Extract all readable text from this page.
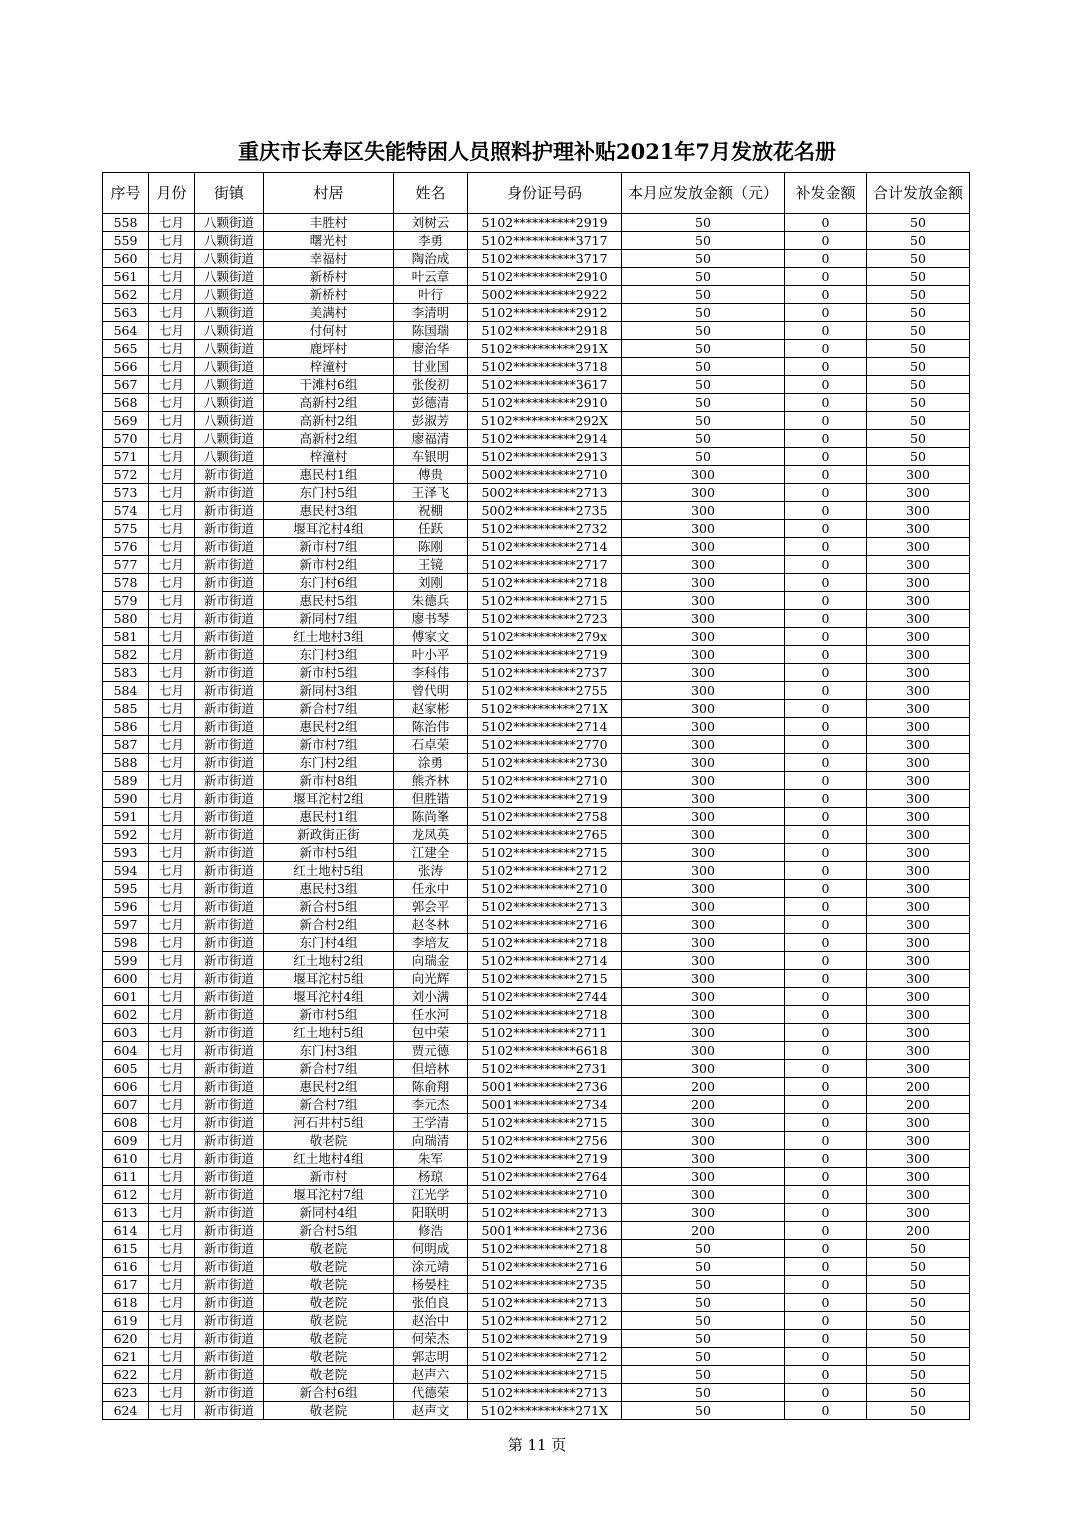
重庆市长寿区失能特困人员照料护理补贴2021年7月发放花名册
序号	月份	街镇	村居	姓名	身份证号码	本月应发放金额（元）	补发金额	合计发放金额
558	七月	八颗街道	丰胜村	刘树云	5102**********2919	50	0	50
559	七月	八颗街道	曙光村	李勇	5102**********3717	50	0	50
560	七月	八颗街道	幸福村	陶治成	5102**********3717	50	0	50
561	七月	八颗街道	新桥村	叶云章	5102**********2910	50	0	50
562	七月	八颗街道	新桥村	叶行	5002**********2922	50	0	50
563	七月	八颗街道	美满村	李清明	5102**********2912	50	0	50
564	七月	八颗街道	付何村	陈国瑞	5102**********2918	50	0	50
565	七月	八颗街道	鹿坪村	廖治华	5102**********291X	50	0	50
566	七月	八颗街道	梓潼村	甘业国	5102**********3718	50	0	50
567	七月	八颗街道	干滩村6组	张俊初	5102**********3617	50	0	50
568	七月	八颗街道	高新村2组	彭德清	5102**********2910	50	0	50
569	七月	八颗街道	高新村2组	彭淑芳	5102**********292X	50	0	50
570	七月	八颗街道	高新村2组	廖福清	5102**********2914	50	0	50
571	七月	八颗街道	梓潼村	车银明	5102**********2913	50	0	50
572	七月	新市街道	惠民村1组	傅贵	5002**********2710	300	0	300
573	七月	新市街道	东门村5组	王泽飞	5002**********2713	300	0	300
574	七月	新市街道	惠民村3组	祝棚	5002**********2735	300	0	300
575	七月	新市街道	堰耳沱村4组	任跃	5102**********2732	300	0	300
576	七月	新市街道	新市村7组	陈刚	5102**********2714	300	0	300
577	七月	新市街道	新市村2组	王镜	5102**********2717	300	0	300
578	七月	新市街道	东门村6组	刘刚	5102**********2718	300	0	300
579	七月	新市街道	惠民村5组	朱德兵	5102**********2715	300	0	300
580	七月	新市街道	新同村7组	廖书琴	5102**********2723	300	0	300
581	七月	新市街道	红土地村3组	傅家文	5102**********279x	300	0	300
582	七月	新市街道	东门村3组	叶小平	5102**********2719	300	0	300
583	七月	新市街道	新市村5组	李科伟	5102**********2737	300	0	300
584	七月	新市街道	新同村3组	曾代明	5102**********2755	300	0	300
585	七月	新市街道	新合村7组	赵家彬	5102**********271X	300	0	300
586	七月	新市街道	惠民村2组	陈治伟	5102**********2714	300	0	300
587	七月	新市街道	新市村7组	石卓荣	5102**********2770	300	0	300
588	七月	新市街道	东门村2组	涂勇	5102**********2730	300	0	300
589	七月	新市街道	新市村8组	熊齐林	5102**********2710	300	0	300
590	七月	新市街道	堰耳沱村2组	但胜锴	5102**********2719	300	0	300
591	七月	新市街道	惠民村1组	陈尚峯	5102**********2758	300	0	300
592	七月	新市街道	新政街正街	龙凤英	5102**********2765	300	0	300
593	七月	新市街道	新市村5组	江建全	5102**********2715	300	0	300
594	七月	新市街道	红土地村5组	张涛	5102**********2712	300	0	300
595	七月	新市街道	惠民村3组	任永中	5102**********2710	300	0	300
596	七月	新市街道	新合村5组	郭会平	5102**********2713	300	0	300
597	七月	新市街道	新合村2组	赵冬林	5102**********2716	300	0	300
598	七月	新市街道	东门村4组	李培友	5102**********2718	300	0	300
599	七月	新市街道	红土地村2组	向瑞金	5102**********2714	300	0	300
600	七月	新市街道	堰耳沱村5组	向光辉	5102**********2715	300	0	300
601	七月	新市街道	堰耳沱村4组	刘小满	5102**********2744	300	0	300
602	七月	新市街道	新市村5组	任水河	5102**********2718	300	0	300
603	七月	新市街道	红土地村5组	包中荣	5102**********2711	300	0	300
604	七月	新市街道	东门村3组	贾元德	5102**********6618	300	0	300
605	七月	新市街道	新合村7组	但培林	5102**********2731	300	0	300
606	七月	新市街道	惠民村2组	陈俞翔	5001**********2736	200	0	200
607	七月	新市街道	新合村7组	李元杰	5001**********2734	200	0	200
608	七月	新市街道	河石井村5组	王学清	5102**********2715	300	0	300
609	七月	新市街道	敬老院	向瑞清	5102**********2756	300	0	300
610	七月	新市街道	红土地村4组	朱军	5102**********2719	300	0	300
611	七月	新市街道	新市村	杨琼	5102**********2764	300	0	300
612	七月	新市街道	堰耳沱村7组	江光学	5102**********2710	300	0	300
613	七月	新市街道	新同村4组	阳联明	5102**********2713	300	0	300
614	七月	新市街道	新合村5组	修浩	5001**********2736	200	0	200
615	七月	新市街道	敬老院	何明成	5102**********2718	50	0	50
616	七月	新市街道	敬老院	涂元靖	5102**********2716	50	0	50
617	七月	新市街道	敬老院	杨晏柱	5102**********2735	50	0	50
618	七月	新市街道	敬老院	张伯良	5102**********2713	50	0	50
619	七月	新市街道	敬老院	赵治中	5102**********2712	50	0	50
620	七月	新市街道	敬老院	何荣杰	5102**********2719	50	0	50
621	七月	新市街道	敬老院	郭志明	5102**********2712	50	0	50
622	七月	新市街道	敬老院	赵声六	5102**********2715	50	0	50
623	七月	新市街道	新合村6组	代德荣	5102**********2713	50	0	50
624	七月	新市街道	敬老院	赵声文	5102**********271X	50	0	50
第 11 页
